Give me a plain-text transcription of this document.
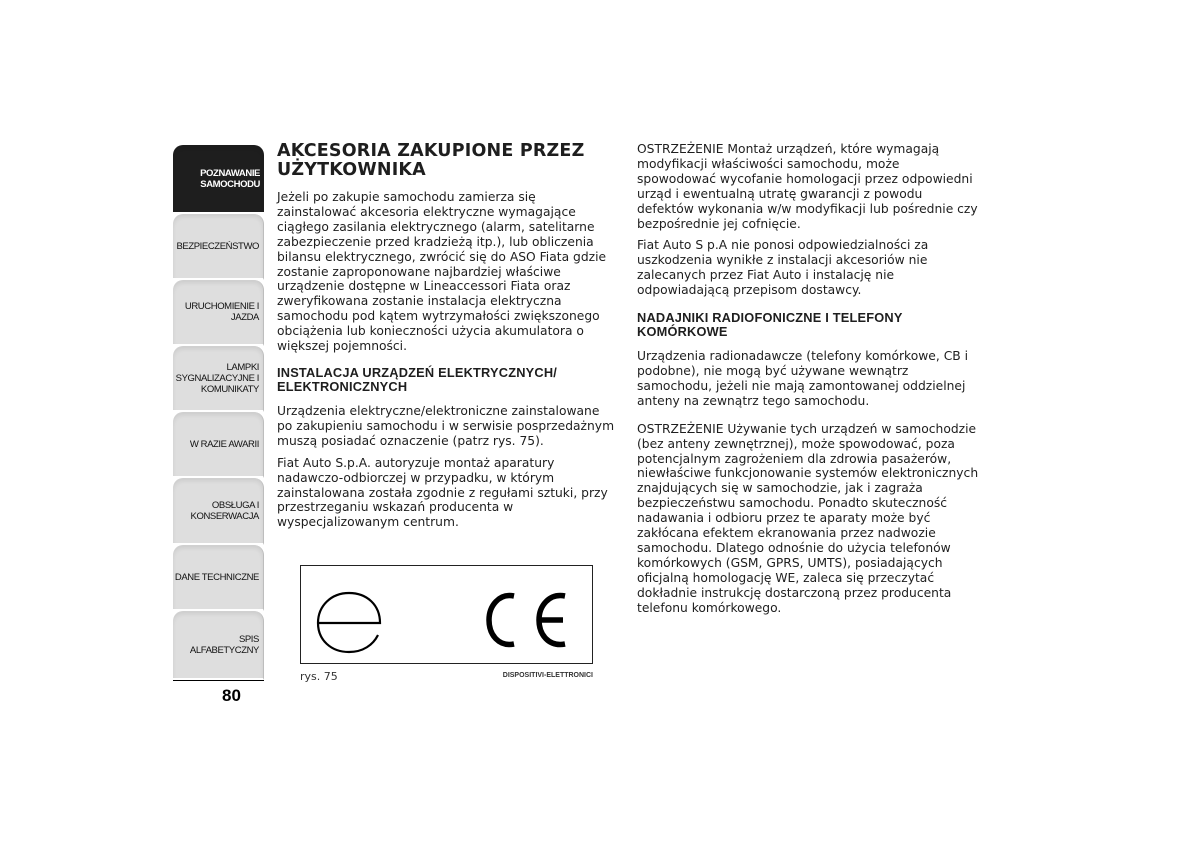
POZNAWANIE
SAMOCHODU
BEZPIECZEŃSTWO
URUCHOMIENIE I
JAZDA
LAMPKI
SYGNALIZACYJNE I
KOMUNIKATY
W RAZIE AWARII
OBSŁUGA I
KONSERWACJA
DANE TECHNICZNE
SPIS ALFABETYCZNY
80
AKCESORIA ZAKUPIONE PRZEZ UŻYTKOWNIKA

Jeżeli po zakupie samochodu zamierza się zainstalować akcesoria elektryczne wymagające ciągłego zasilania elektrycznego (alarm, satelitarne zabezpieczenie przed kradzieżą itp.), lub obliczenia bilansu elektrycznego, zwrócić się do ASO Fiata gdzie zostanie zaproponowane najbardziej właściwe urządzenie dostępne w Lineaccessori Fiata oraz zweryfikowana zostanie instalacja elektryczna samochodu pod kątem wytrzymałości zwiększonego obciążenia lub konieczności użycia akumulatora o większej pojemności.

INSTALACJA URZĄDZEŃ ELEKTRYCZNYCH/ ELEKTRONICZNYCH

Urządzenia elektryczne/elektroniczne zainstalowane po zakupieniu samochodu i w serwisie posprzedażnym muszą posiadać oznaczenie (patrz rys. 75).

Fiat Auto S.p.A. autoryzuje montaż aparatury nadawczo-odbiorczej w przypadku, w którym zainstalowana została zgodnie z regułami sztuki, przy przestrzeganiu wskazań producenta w wyspecjalizowanym centrum.

rys. 75	DISPOSITIVI-ELETTRONICI

OSTRZEŻENIE Montaż urządzeń, które wymagają modyfikacji właściwości samochodu, może spowodować wycofanie homologacji przez odpowiedni urząd i ewentualną utratę gwarancji z powodu defektów wykonania w/w modyfikacji lub pośrednie czy bezpośrednie jej cofnięcie.

Fiat Auto S p.A nie ponosi odpowiedzialności za uszkodzenia wynikłe z instalacji akcesoriów nie zalecanych przez Fiat Auto i instalację nie odpowiadającą przepisom dostawcy.

NADAJNIKI RADIOFONICZNE I TELEFONY KOMÓRKOWE

Urządzenia radionadawcze (telefony komórkowe, CB i podobne), nie mogą być używane wewnątrz samochodu, jeżeli nie mają zamontowanej oddzielnej anteny na zewnątrz tego samochodu.

OSTRZEŻENIE Używanie tych urządzeń w samochodzie (bez anteny zewnętrznej), może spowodować, poza potencjalnym zagrożeniem dla zdrowia pasażerów, niewłaściwe funkcjonowanie systemów elektronicznych znajdujących się w samochodzie, jak i zagraża bezpieczeństwu samochodu. Ponadto skuteczność nadawania i odbioru przez te aparaty może być zakłócana efektem ekranowania przez nadwozie samochodu. Dlatego odnośnie do użycia telefonów komórkowych (GSM, GPRS, UMTS), posiadających oficjalną homologację WE, zaleca się przeczytać dokładnie instrukcję dostarczoną przez producenta telefonu komórkowego.
